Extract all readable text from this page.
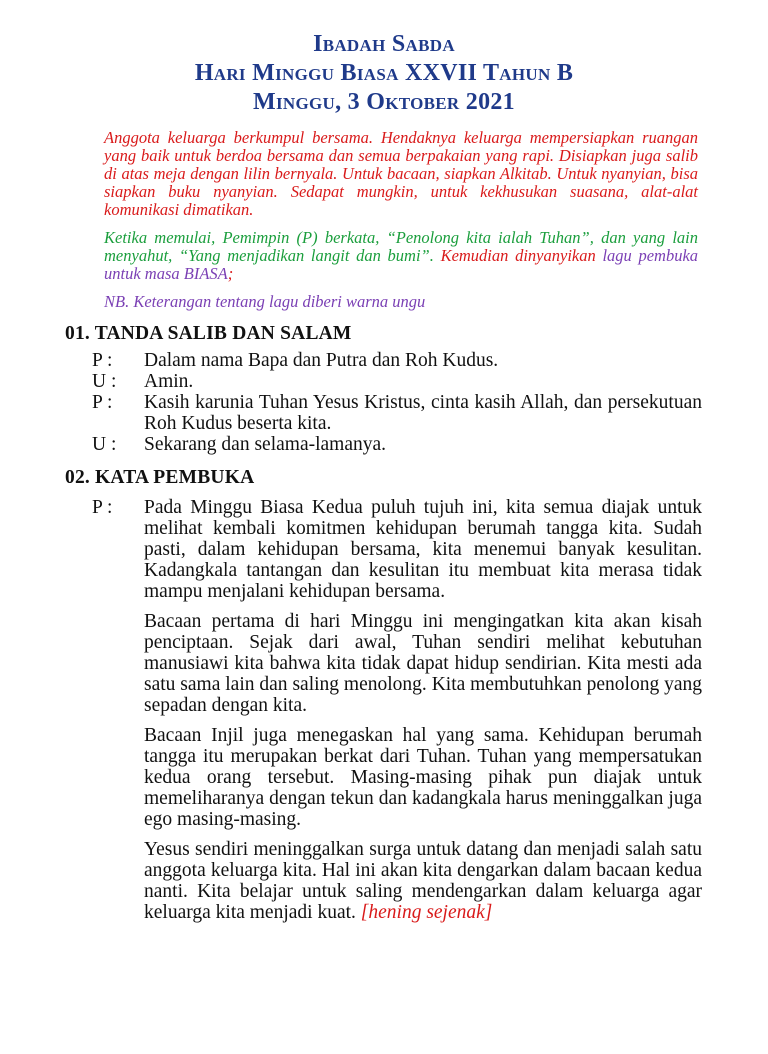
Ibadah Sabda
Hari Minggu Biasa XXVII Tahun B
Minggu, 3 Oktober 2021
Anggota keluarga berkumpul bersama. Hendaknya keluarga mempersiapkan ruangan yang baik untuk berdoa bersama dan semua berpakaian yang rapi. Disiapkan juga salib di atas meja dengan lilin bernyala. Untuk bacaan, siapkan Alkitab. Untuk nyanyian, bisa siapkan buku nyanyian. Sedapat mungkin, untuk kekhusukan suasana, alat-alat komunikasi dimatikan.
Ketika memulai, Pemimpin (P) berkata, “Penolong kita ialah Tuhan”, dan yang lain menyahut, “Yang menjadikan langit dan bumi”. Kemudian dinyanyikan lagu pembuka untuk masa BIASA;
NB. Keterangan tentang lagu diberi warna ungu
01. TANDA SALIB DAN SALAM
P :	Dalam nama Bapa dan Putra dan Roh Kudus.
U :	Amin.
P :	Kasih karunia Tuhan Yesus Kristus, cinta kasih Allah, dan persekutuan Roh Kudus beserta kita.
U :	Sekarang dan selama-lamanya.
02. KATA PEMBUKA
P :	Pada Minggu Biasa Kedua puluh tujuh ini, kita semua diajak untuk melihat kembali komitmen kehidupan berumah tangga kita. Sudah pasti, dalam kehidupan bersama, kita menemui banyak kesulitan. Kadangkala tantangan dan kesulitan itu membuat kita merasa tidak mampu menjalani kehidupan bersama.
Bacaan pertama di hari Minggu ini mengingatkan kita akan kisah penciptaan. Sejak dari awal, Tuhan sendiri melihat kebutuhan manusiawi kita bahwa kita tidak dapat hidup sendirian. Kita mesti ada satu sama lain dan saling menolong. Kita membutuhkan penolong yang sepadan dengan kita.
Bacaan Injil juga menegaskan hal yang sama. Kehidupan berumah tangga itu merupakan berkat dari Tuhan. Tuhan yang mempersatukan kedua orang tersebut. Masing-masing pihak pun diajak untuk memeliharanya dengan tekun dan kadangkala harus meninggalkan juga ego masing-masing.
Yesus sendiri meninggalkan surga untuk datang dan menjadi salah satu anggota keluarga kita. Hal ini akan kita dengarkan dalam bacaan kedua nanti. Kita belajar untuk saling mendengarkan dalam keluarga agar keluarga kita menjadi kuat. [hening sejenak]
